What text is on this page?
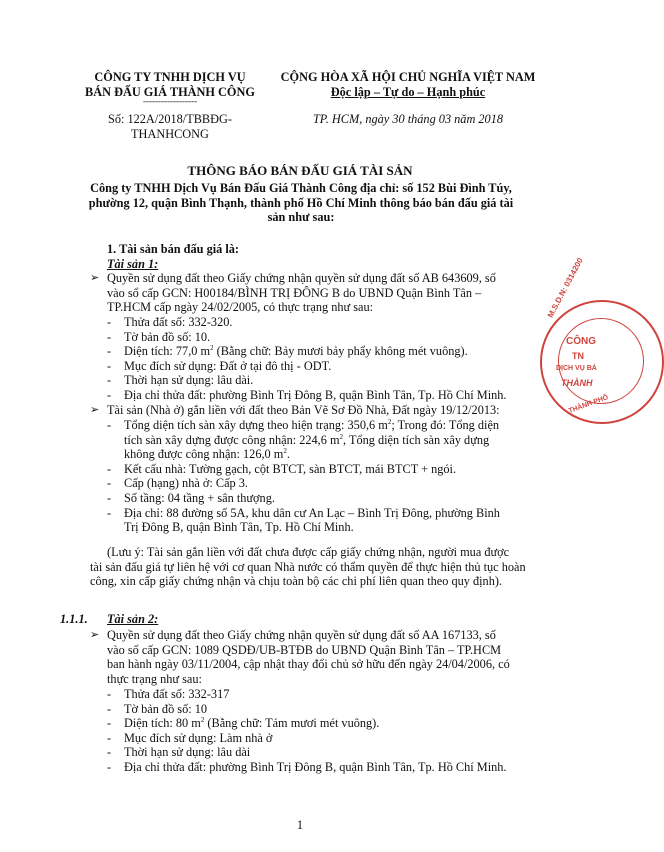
CÔNG TY TNHH DỊCH VỤ
BÁN ĐẤU GIÁ THÀNH CÔNG
------------------
Số: 122A/2018/TBBĐG-
THANHCONG
CỘNG HÒA XÃ HỘI CHỦ NGHĨA VIỆT NAM
Độc lập – Tự do – Hạnh phúc
TP. HCM, ngày 30 tháng 03 năm 2018
THÔNG BÁO BÁN ĐẤU GIÁ TÀI SẢN
Công ty TNHH Dịch Vụ Bán Đấu Giá Thành Công địa chỉ: số 152 Bùi Đình Túy,
phường 12, quận Bình Thạnh, thành phố Hồ Chí Minh thông báo bán đấu giá tài
sản như sau:
1. Tài sản bán đấu giá là:
Tài sản 1:
➢ Quyền sử dụng đất theo Giấy chứng nhận quyền sử dụng đất số AB 643609, số
vào sổ cấp GCN: H00184/BÌNH TRỊ ĐÔNG B do UBND Quận Bình Tân –
TP.HCM cấp ngày 24/02/2005, có thực trạng như sau:
- Thửa đất số: 332-320.
- Tờ bản đồ số: 10.
- Diện tích: 77,0 $m^2$ (Bằng chữ: Bảy mươi bảy phẩy không mét vuông).
- Mục đích sử dụng: Đất ở tại đô thị - ODT.
- Thời hạn sử dụng: lâu dài.
- Địa chỉ thửa đất: phường Bình Trị Đông B, quận Bình Tân, Tp. Hồ Chí Minh.
➢ Tài sản (Nhà ở) gắn liền với đất theo Bản Vẽ Sơ Đồ Nhà, Đất ngày 19/12/2013:
- Tổng diện tích sàn xây dựng theo hiện trạng: 350,6 $m^2$; Trong đó: Tổng diện
tích sàn xây dựng được công nhận: 224,6 $m^2$, Tổng diện tích sàn xây dựng
không được công nhận: 126,0 $m^2$.
- Kết cấu nhà: Tường gạch, cột BTCT, sàn BTCT, mái BTCT + ngói.
- Cấp (hạng) nhà ở: Cấp 3.
- Số tầng: 04 tầng + sân thượng.
- Địa chỉ: 88 đường số 5A, khu dân cư An Lạc – Bình Trị Đông, phường Bình
Trị Đông B, quận Bình Tân, Tp. Hồ Chí Minh.
(Lưu ý: Tài sản gắn liền với đất chưa được cấp giấy chứng nhận, người mua được
tài sản đấu giá tự liên hệ với cơ quan Nhà nước có thẩm quyền để thực hiện thủ tục hoàn
công, xin cấp giấy chứng nhận và chịu toàn bộ các chi phí liên quan theo quy định).
1.1.1. Tài sản 2:
➢ Quyền sử dụng đất theo Giấy chứng nhận quyền sử dụng đất số AA 167133, số
vào sổ cấp GCN: 1089 QSDĐ/UB-BTĐB do UBND Quận Bình Tân – TP.HCM
ban hành ngày 03/11/2004, cập nhật thay đổi chủ sở hữu đến ngày 24/04/2006, có
thực trạng như sau:
- Thửa đất số: 332-317
- Tờ bản đồ số: 10
- Diện tích: 80 $m^2$ (Bằng chữ: Tám mươi mét vuông).
- Mục đích sử dụng: Làm nhà ở
- Thời hạn sử dụng: lâu dài
- Địa chỉ thửa đất: phường Bình Trị Đông B, quận Bình Tân, Tp. Hồ Chí Minh.
1
M.S.D.N: 0314200
CÔNG
TN
DỊCH VỤ BÁ
THÀNH
THÀNH PHỐ
